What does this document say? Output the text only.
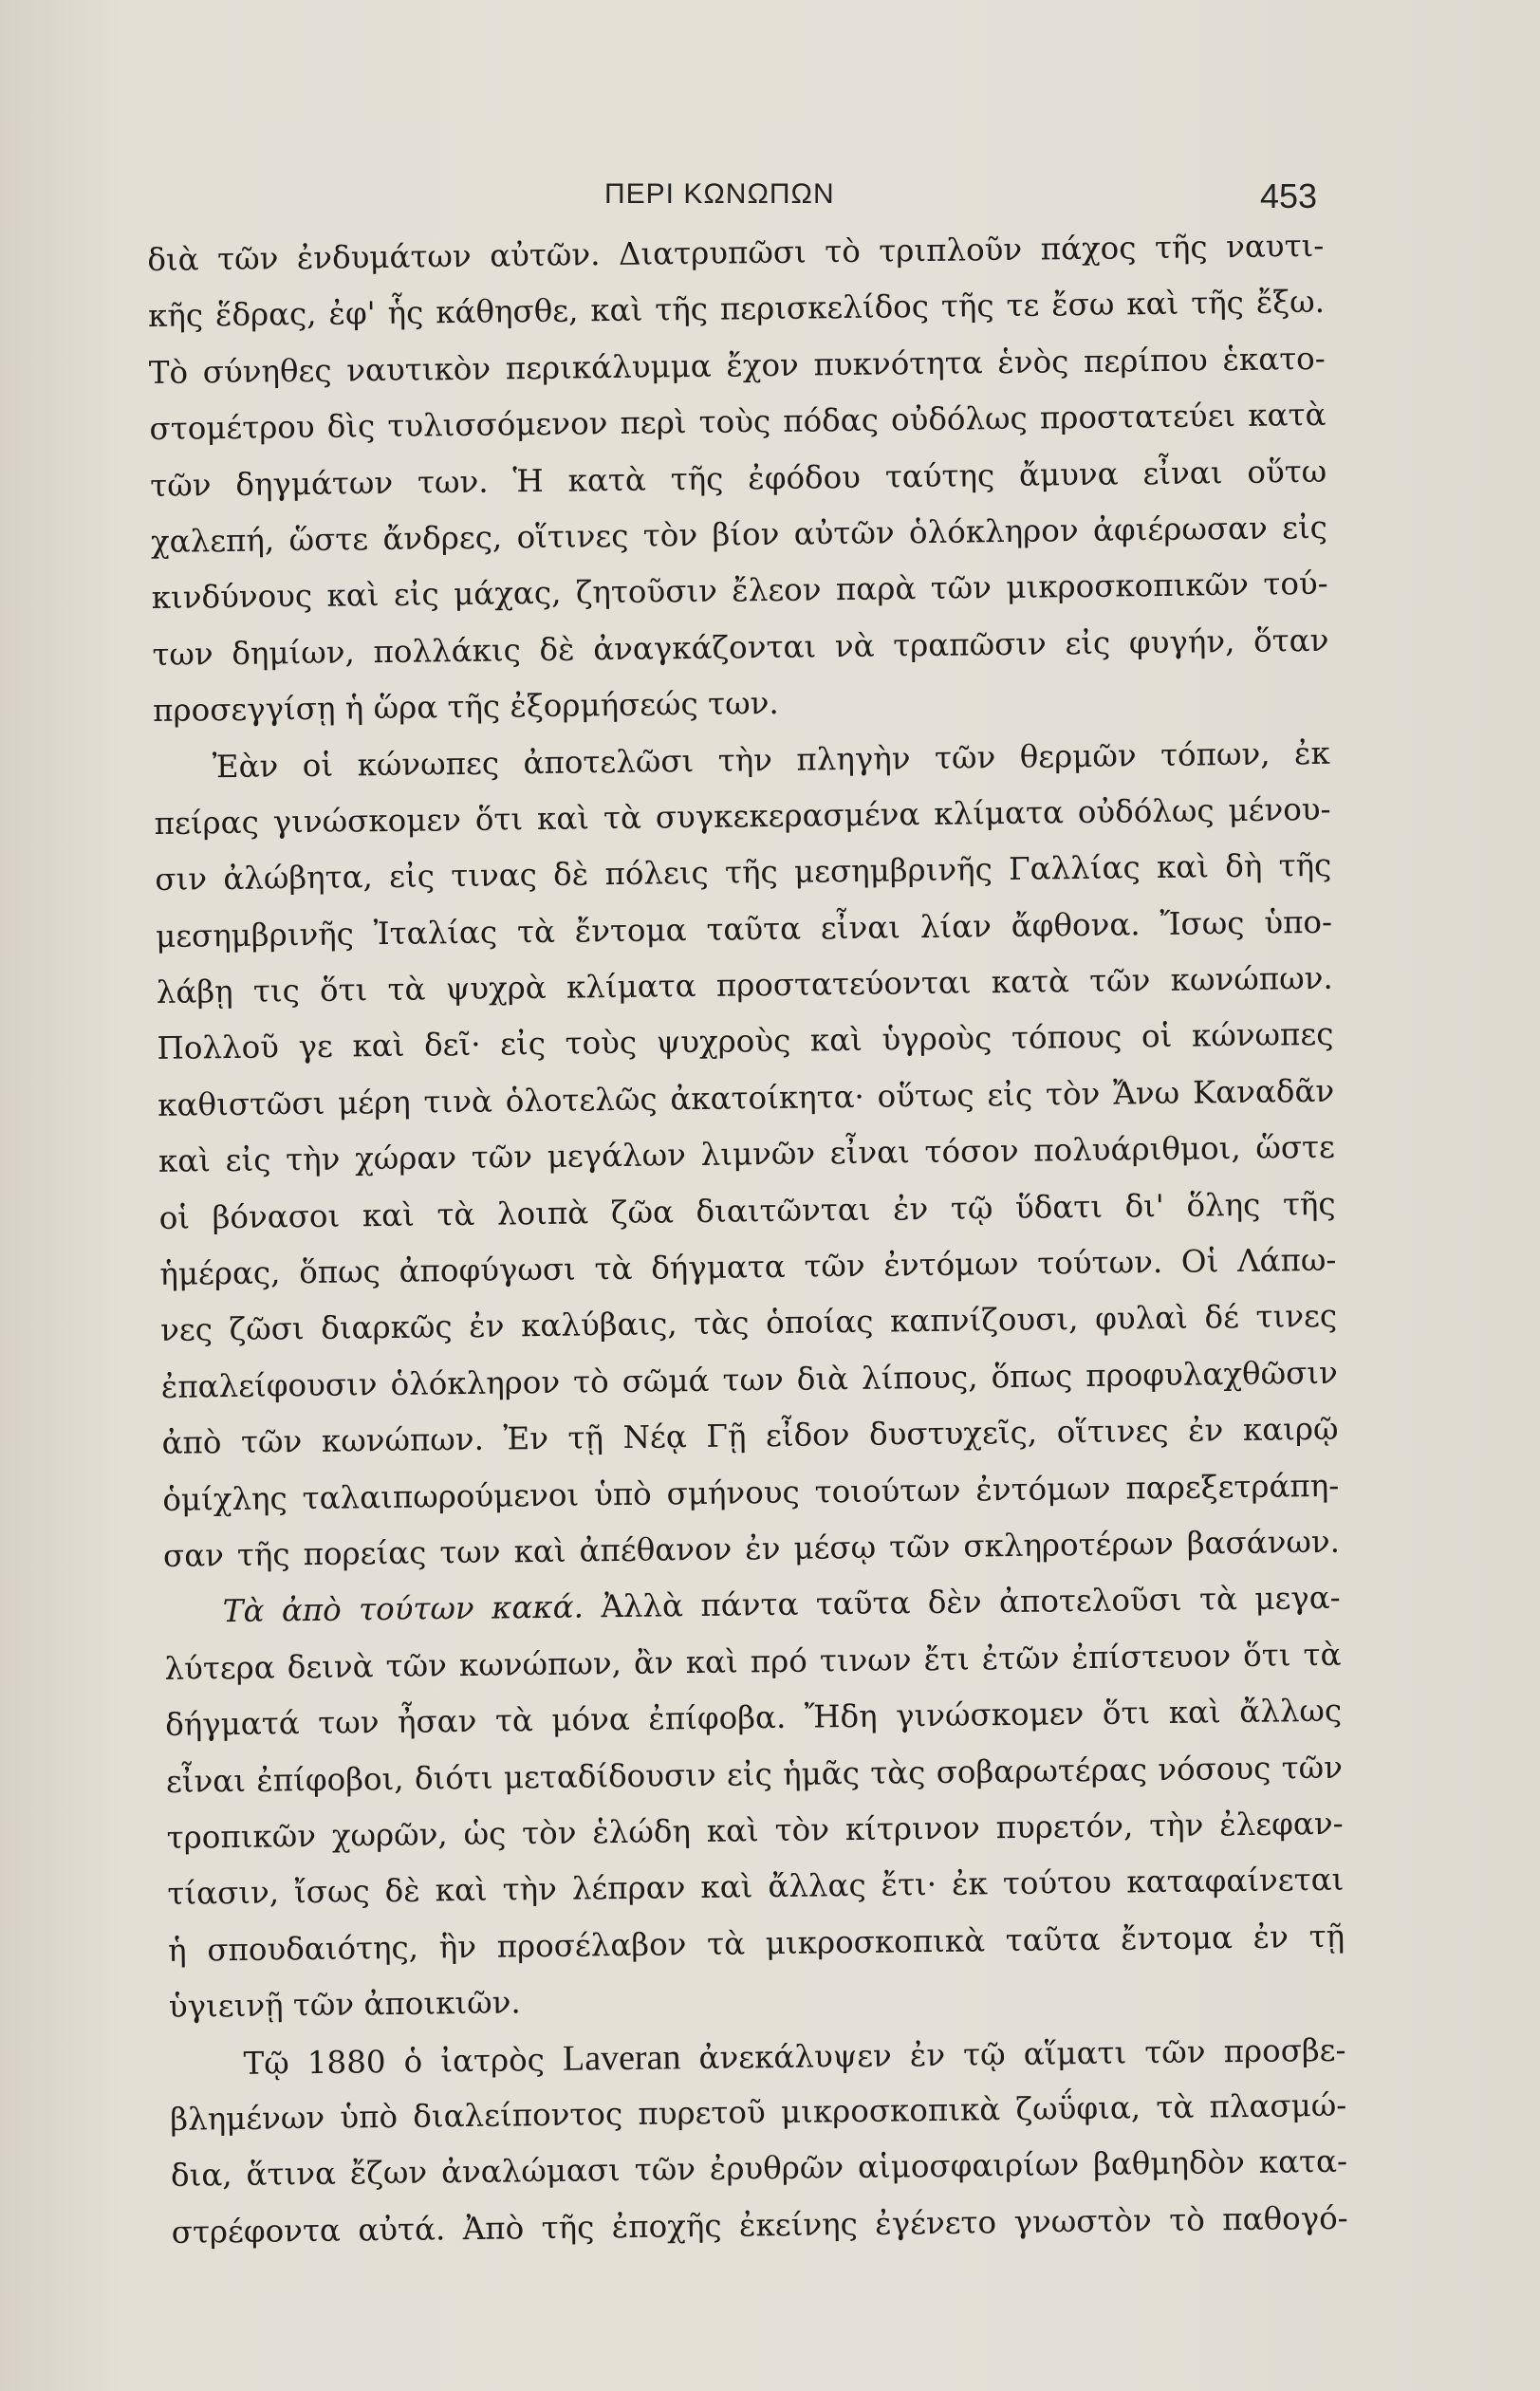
ΠΕΡΙ ΚΩΝΩΠΩΝ	453
διὰ τῶν ἐνδυμάτων αὐτῶν. Διατρυπῶσι τὸ τριπλοῦν πάχος τῆς ναυτι-
κῆς ἕδρας, ἐφ' ἧς κάθησθε, καὶ τῆς περισκελίδος τῆς τε ἔσω καὶ τῆς ἔξω.
Τὸ σύνηθες ναυτικὸν περικάλυμμα ἔχον πυκνότητα ἑνὸς περίπου ἑκατο-
στομέτρου δὶς τυλισσόμενον περὶ τοὺς πόδας οὐδόλως προστατεύει κατὰ
τῶν δηγμάτων των. Ἡ κατὰ τῆς ἐφόδου ταύτης ἄμυνα εἶναι οὕτω
χαλεπή, ὥστε ἄνδρες, οἵτινες τὸν βίον αὐτῶν ὁλόκληρον ἀφιέρωσαν εἰς
κινδύνους καὶ εἰς μάχας, ζητοῦσιν ἔλεον παρὰ τῶν μικροσκοπικῶν τού-
των δημίων, πολλάκις δὲ ἀναγκάζονται νὰ τραπῶσιν εἰς φυγήν, ὅταν
προσεγγίσῃ ἡ ὥρα τῆς ἐξορμήσεώς των.
Ἐὰν οἱ κώνωπες ἀποτελῶσι τὴν πληγὴν τῶν θερμῶν τόπων, ἐκ
πείρας γινώσκομεν ὅτι καὶ τὰ συγκεκερασμένα κλίματα οὐδόλως μένου-
σιν ἀλώβητα, εἰς τινας δὲ πόλεις τῆς μεσημβρινῆς Γαλλίας καὶ δὴ τῆς
μεσημβρινῆς Ἰταλίας τὰ ἔντομα ταῦτα εἶναι λίαν ἄφθονα. Ἴσως ὑπο-
λάβῃ τις ὅτι τὰ ψυχρὰ κλίματα προστατεύονται κατὰ τῶν κωνώπων.
Πολλοῦ γε καὶ δεῖ· εἰς τοὺς ψυχροὺς καὶ ὑγροὺς τόπους οἱ κώνωπες
καθιστῶσι μέρη τινὰ ὁλοτελῶς ἀκατοίκητα· οὕτως εἰς τὸν Ἄνω Καναδᾶν
καὶ εἰς τὴν χώραν τῶν μεγάλων λιμνῶν εἶναι τόσον πολυάριθμοι, ὥστε
οἱ βόνασοι καὶ τὰ λοιπὰ ζῶα διαιτῶνται ἐν τῷ ὕδατι δι' ὅλης τῆς
ἡμέρας, ὅπως ἀποφύγωσι τὰ δήγματα τῶν ἐντόμων τούτων. Οἱ Λάπω-
νες ζῶσι διαρκῶς ἐν καλύβαις, τὰς ὁποίας καπνίζουσι, φυλαὶ δέ τινες
ἐπαλείφουσιν ὁλόκληρον τὸ σῶμά των διὰ λίπους, ὅπως προφυλαχθῶσιν
ἀπὸ τῶν κωνώπων. Ἐν τῇ Νέᾳ Γῇ εἶδον δυστυχεῖς, οἵτινες ἐν καιρῷ
ὁμίχλης ταλαιπωρούμενοι ὑπὸ σμήνους τοιούτων ἐντόμων παρεξετράπη-
σαν τῆς πορείας των καὶ ἀπέθανον ἐν μέσῳ τῶν σκληροτέρων βασάνων.
Τὰ ἀπὸ τούτων κακά. Ἀλλὰ πάντα ταῦτα δὲν ἀποτελοῦσι τὰ μεγα-
λύτερα δεινὰ τῶν κωνώπων, ἂν καὶ πρό τινων ἔτι ἐτῶν ἐπίστευον ὅτι τὰ
δήγματά των ἦσαν τὰ μόνα ἐπίφοβα. Ἤδη γινώσκομεν ὅτι καὶ ἄλλως
εἶναι ἐπίφοβοι, διότι μεταδίδουσιν εἰς ἡμᾶς τὰς σοβαρωτέρας νόσους τῶν
τροπικῶν χωρῶν, ὡς τὸν ἑλώδη καὶ τὸν κίτρινον πυρετόν, τὴν ἐλεφαν-
τίασιν, ἴσως δὲ καὶ τὴν λέπραν καὶ ἄλλας ἔτι· ἐκ τούτου καταφαίνεται
ἡ σπουδαιότης, ἣν προσέλαβον τὰ μικροσκοπικὰ ταῦτα ἔντομα ἐν τῇ
ὑγιεινῇ τῶν ἀποικιῶν.
Τῷ 1880 ὁ ἰατρὸς Laveran ἀνεκάλυψεν ἐν τῷ αἵματι τῶν προσβε-
βλημένων ὑπὸ διαλείποντος πυρετοῦ μικροσκοπικὰ ζωΰφια, τὰ πλασμώ-
δια, ἅτινα ἔζων ἀναλώμασι τῶν ἐρυθρῶν αἱμοσφαιρίων βαθμηδὸν κατα-
στρέφοντα αὐτά. Ἀπὸ τῆς ἐποχῆς ἐκείνης ἐγένετο γνωστὸν τὸ παθογό-
